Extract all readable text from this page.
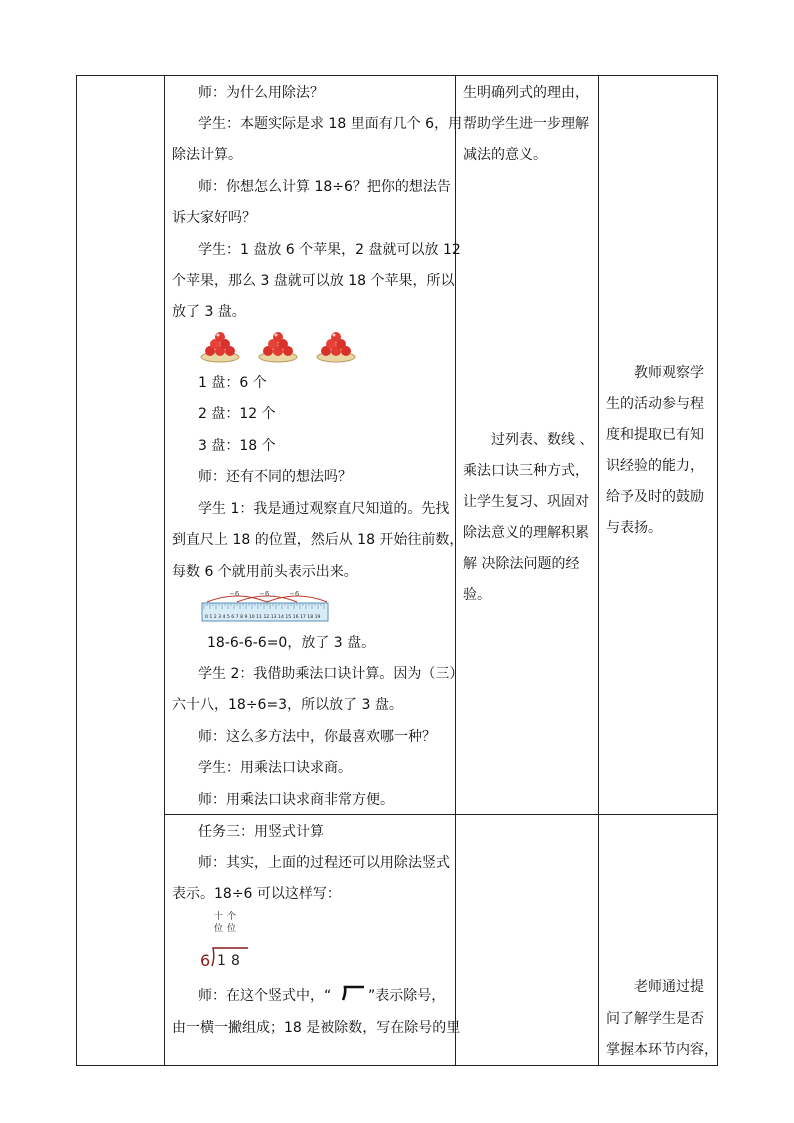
师：为什么用除法？
学生：本题实际是求 18 里面有几个 6，用
除法计算。
师：你想怎么计算 18÷6？把你的想法告
诉大家好吗？
学生：1 盘放 6 个苹果，2 盘就可以放 12
个苹果，那么 3 盘就可以放 18 个苹果，所以
放了 3 盘。
1 盘：6 个
2 盘：12 个
3 盘：18 个
师：还有不同的想法吗？
学生 1：我是通过观察直尺知道的。先找
到直尺上 18 的位置，然后从 18 开始往前数，
每数 6 个就用前头表示出来。
−6	−6	−6
0 1 2 3 4 5 6 7 8 9 10 11 12 13 14 15 16 17 18 19
18-6-6-6=0，放了 3 盘。
学生 2：我借助乘法口诀计算。因为（三）
六十八，18÷6=3，所以放了 3 盘。
师：这么多方法中，你最喜欢哪一种？
学生：用乘法口诀求商。
师：用乘法口诀求商非常方便。
生明确列式的理由，
帮助学生进一步理解
减法的意义。
过列表、数线 、
乘法口诀三种方式，
让学生复习、巩固对
除法意义的理解积累
解 决除法问题的经
验。
教师观察学
生的活动参与程
度和提取已有知
识经验的能力，
给予及时的鼓励
与表扬。
任务三：用竖式计算
师：其实，上面的过程还可以用除法竖式
表示。18÷6 可以这样写：
十 个
位 位
6 1 8
师：在这个竖式中，“	”表示除号，
由一横一撇组成；18 是被除数，写在除号的里
老师通过提
问了解学生是否
掌握本环节内容，
